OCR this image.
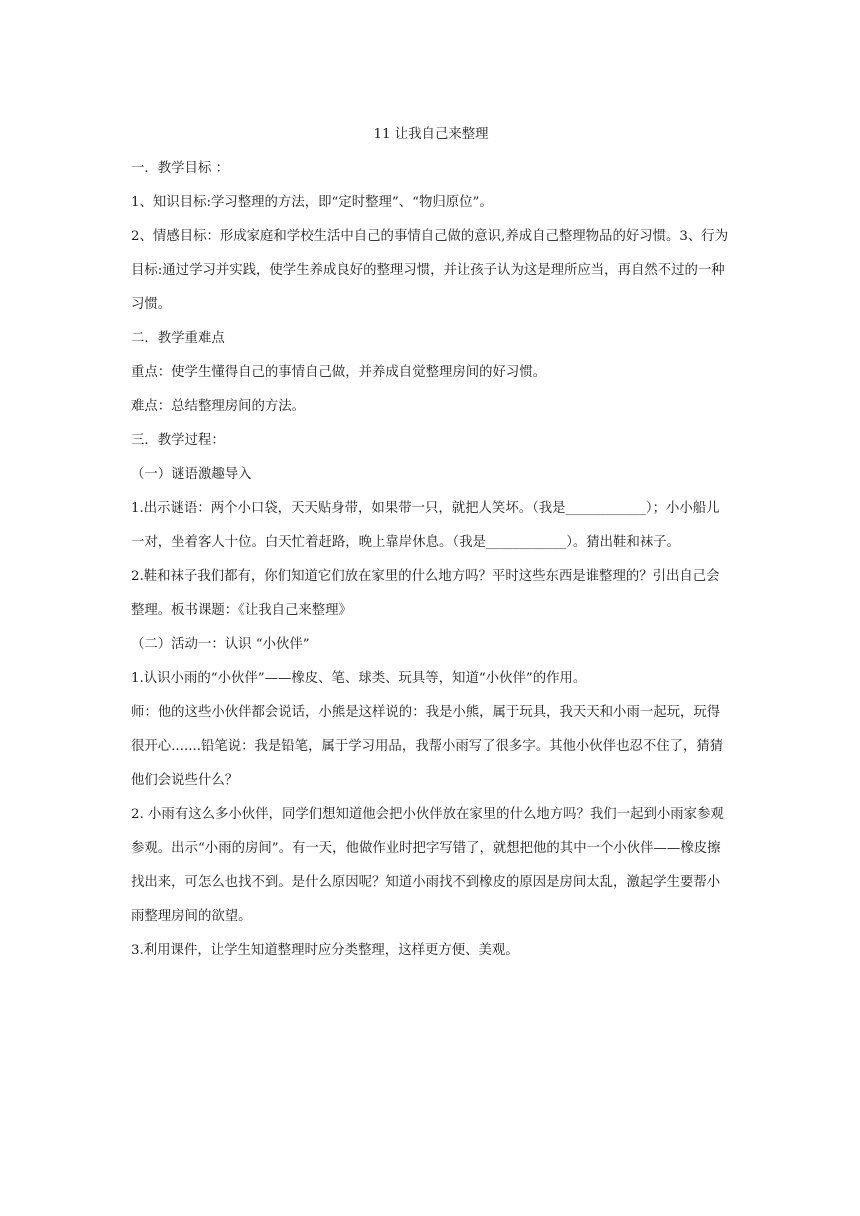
11 让我自己来整理

一．教学目标 ：

1、知识目标:学习整理的方法，即“定时整理”、“物归原位”。

2、情感目标：形成家庭和学校生活中自己的事情自己做的意识,养成自己整理物品的好习惯。3、行为目标:通过学习并实践，使学生养成良好的整理习惯，并让孩子认为这是理所应当，再自然不过的一种习惯。

二．教学重难点

重点：使学生懂得自己的事情自己做，并养成自觉整理房间的好习惯。

难点：总结整理房间的方法。

三．教学过程：

（一）谜语激趣导入

1.出示谜语：两个小口袋，天天贴身带，如果带一只，就把人笑坏。（我是____________）；小小船儿一对，坐着客人十位。白天忙着赶路，晚上靠岸休息。（我是____________）。猜出鞋和袜子。

2.鞋和袜子我们都有，你们知道它们放在家里的什么地方吗？平时这些东西是谁整理的？引出自己会整理。板书课题：《让我自己来整理》

（二）活动一：认识 “小伙伴”

1.认识小雨的“小伙伴”——橡皮、笔、球类、玩具等，知道“小伙伴”的作用。

师：他的这些小伙伴都会说话，小熊是这样说的：我是小熊，属于玩具，我天天和小雨一起玩，玩得很开心.......铅笔说：我是铅笔，属于学习用品，我帮小雨写了很多字。其他小伙伴也忍不住了，猜猜他们会说些什么？

2. 小雨有这么多小伙伴，同学们想知道他会把小伙伴放在家里的什么地方吗？我们一起到小雨家参观参观。出示“小雨的房间”。有一天，他做作业时把字写错了，就想把他的其中一个小伙伴——橡皮擦找出来，可怎么也找不到。是什么原因呢？知道小雨找不到橡皮的原因是房间太乱，激起学生要帮小雨整理房间的欲望。

3.利用课件，让学生知道整理时应分类整理，这样更方便、美观。
